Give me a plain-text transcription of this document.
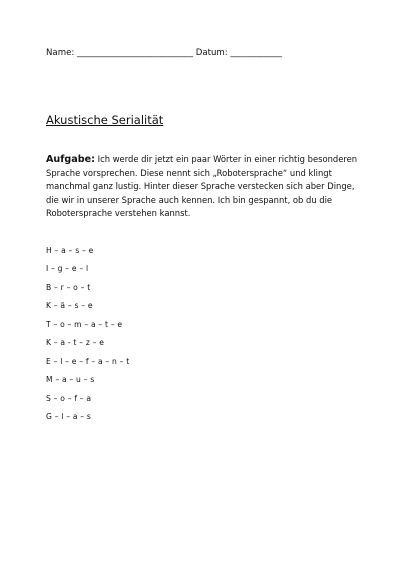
Name: ___________________________ Datum: ____________
Akustische Serialität
Aufgabe: Ich werde dir jetzt ein paar Wörter in einer richtig besonderen Sprache vorsprechen. Diese nennt sich „Robotersprache“ und klingt manchmal ganz lustig. Hinter dieser Sprache verstecken sich aber Dinge, die wir in unserer Sprache auch kennen. Ich bin gespannt, ob du die Robotersprache verstehen kannst.
H – a – s – e
I – g – e – l
B – r – o – t
K – ä – s – e
T – o – m – a – t – e
K – a - t – z – e
E – l – e – f – a – n – t
M – a – u – s
S – o – f – a
G – l – a – s
